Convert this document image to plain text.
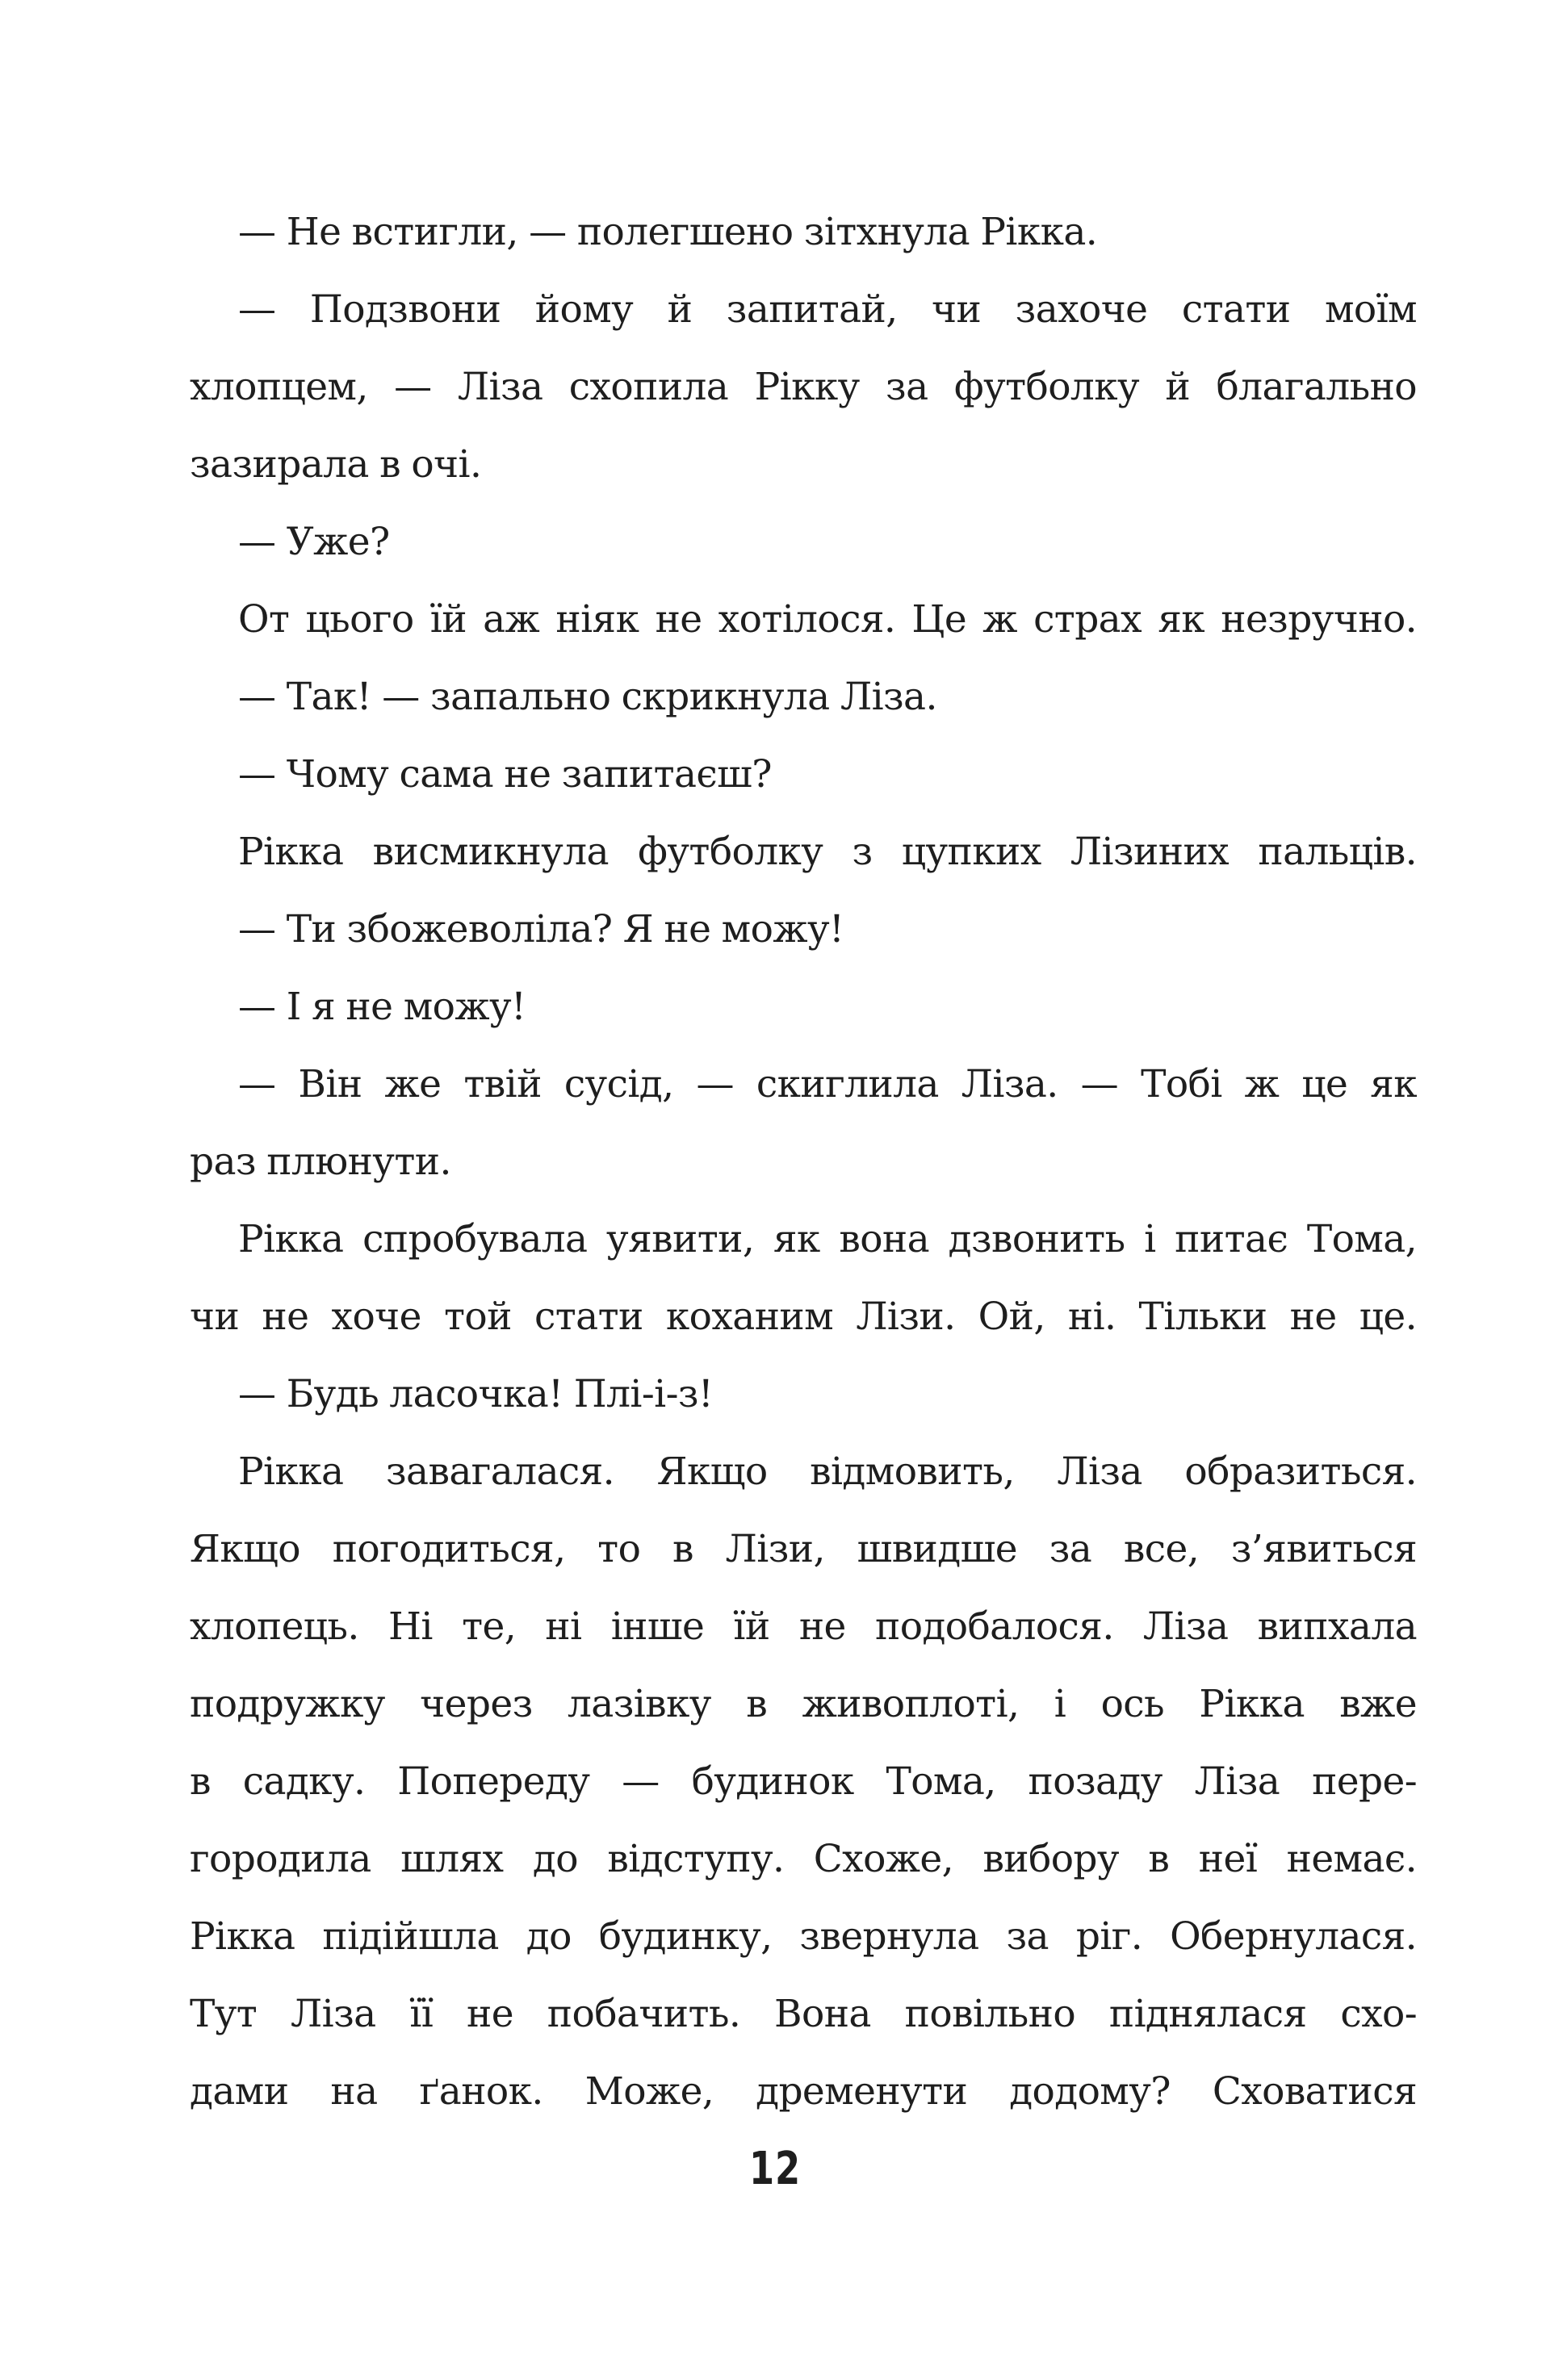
— Не встигли, — полегшено зітхнула Рікка.
— Подзвони йому й запитай, чи захоче стати моїм
хлопцем, — Ліза схопила Рікку за футболку й благально
зазирала в очі.
— Уже?
От цього їй аж ніяк не хотілося. Це ж страх як незручно.
— Так! — запально скрикнула Ліза.
— Чому сама не запитаєш?
Рікка висмикнула футболку з цупких Лізиних пальців.
— Ти збожеволіла? Я не можу!
— І я не можу!
— Він же твій сусід, — скиглила Ліза. — Тобі ж це як
раз плюнути.
Рікка спробувала уявити, як вона дзвонить і питає Тома,
чи не хоче той стати коханим Лізи. Ой, ні. Тільки не це.
— Будь ласочка! Плі-і-з!
Рікка завагалася. Якщо відмовить, Ліза образиться.
Якщо погодиться, то в Лізи, швидше за все, з’явиться
хлопець. Ні те, ні інше їй не подобалося. Ліза випхала
подружку через лазівку в живоплоті, і ось Рікка вже
в садку. Попереду — будинок Тома, позаду Ліза пере-
городила шлях до відступу. Схоже, вибору в неї немає.
Рікка підійшла до будинку, звернула за ріг. Обернулася.
Тут Ліза її не побачить. Вона повільно піднялася схо-
дами на ґанок. Може, дременути додому? Сховатися
12
